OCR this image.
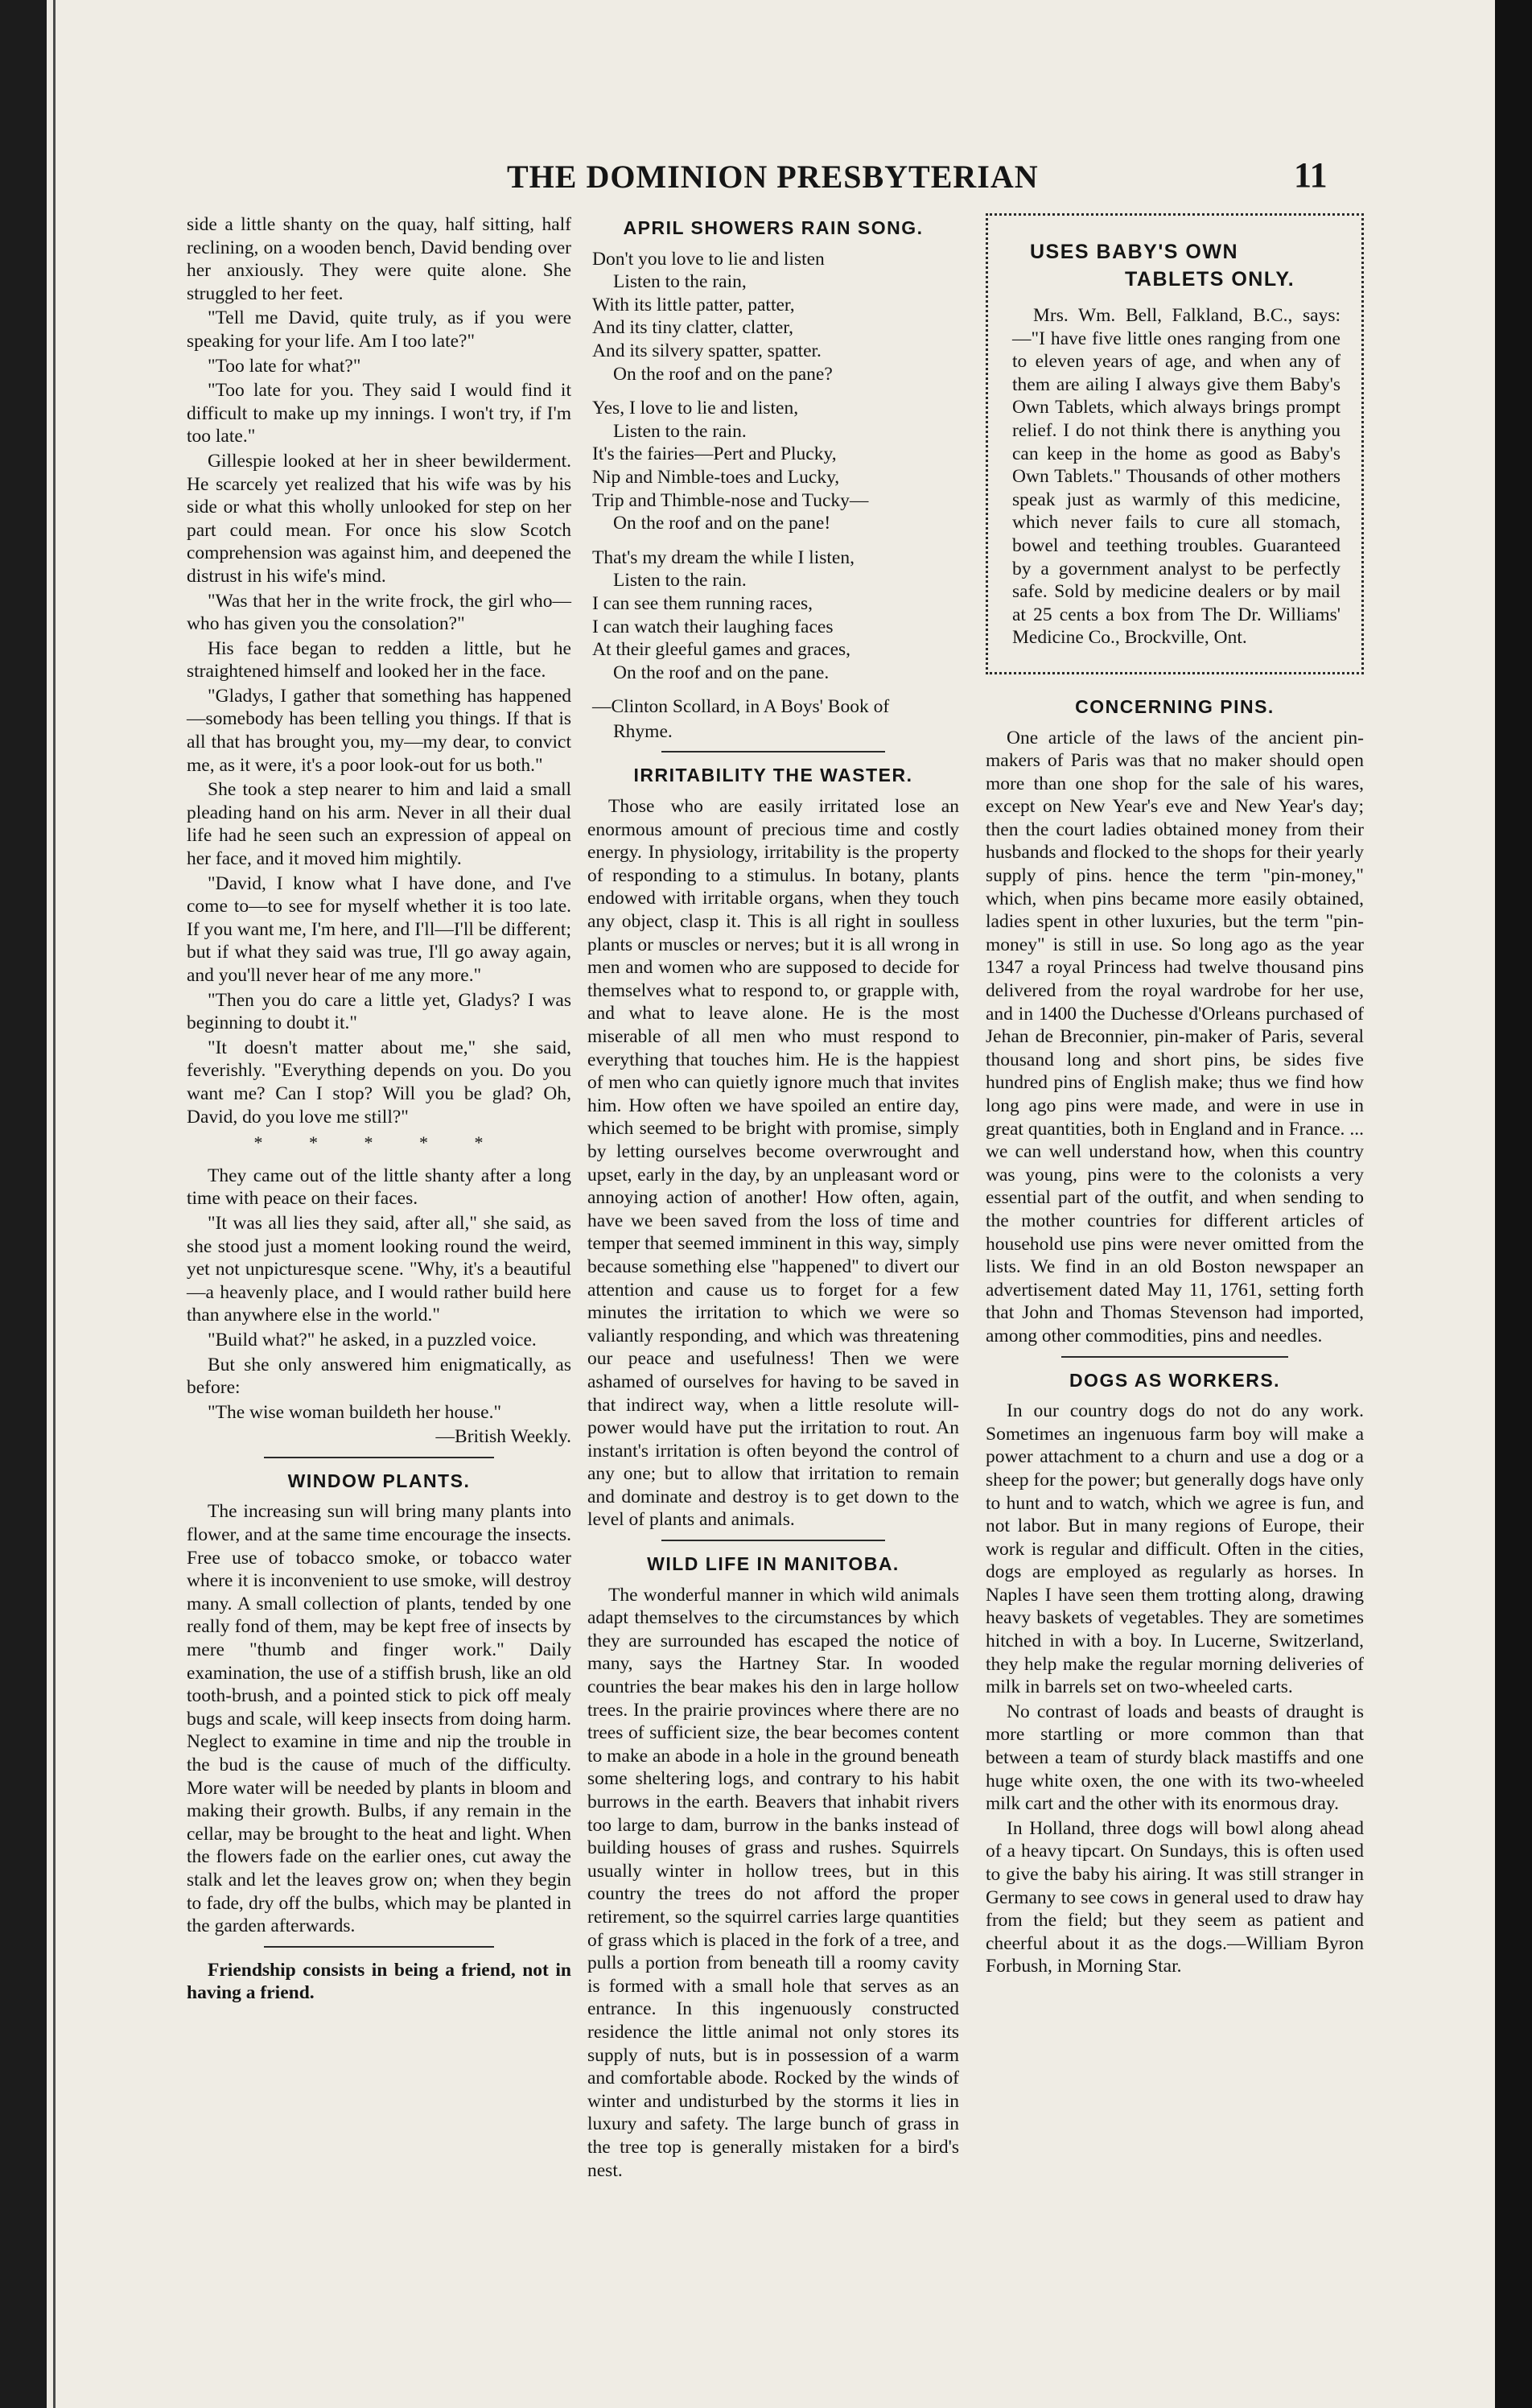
THE DOMINION PRESBYTERIAN	11

side a little shanty on the quay, half sitting, half reclining, on a wooden bench, David bending over her anxiously. They were quite alone. She struggled to her feet.

"Tell me David, quite truly, as if you were speaking for your life. Am I too late?"

"Too late for what?"

"Too late for you. They said I would find it difficult to make up my innings. I won't try, if I'm too late."

Gillespie looked at her in sheer bewilderment. He scarcely yet realized that his wife was by his side or what this wholly unlooked for step on her part could mean. For once his slow Scotch comprehension was against him, and deepened the distrust in his wife's mind.

"Was that her in the write frock, the girl who—who has given you the consolation?"

His face began to redden a little, but he straightened himself and looked her in the face.

"Gladys, I gather that something has happened—somebody has been telling you things. If that is all that has brought you, my—my dear, to convict me, as it were, it's a poor look-out for us both."

She took a step nearer to him and laid a small pleading hand on his arm. Never in all their dual life had he seen such an expression of appeal on her face, and it moved him mightily.

"David, I know what I have done, and I've come to—to see for myself whether it is too late. If you want me, I'm here, and I'll—I'll be different; but if what they said was true, I'll go away again, and you'll never hear of me any more."

"Then you do care a little yet, Gladys? I was beginning to doubt it."

"It doesn't matter about me," she said, feverishly. "Everything depends on you. Do you want me? Can I stop? Will you be glad? Oh, David, do you love me still?"

* * * * *

They came out of the little shanty after a long time with peace on their faces.

"It was all lies they said, after all," she said, as she stood just a moment looking round the weird, yet not unpicturesque scene. "Why, it's a beautiful—a heavenly place, and I would rather build here than anywhere else in the world."

"Build what?" he asked, in a puzzled voice.

But she only answered him enigmatically, as before:

"The wise woman buildeth her house."

—British Weekly.

WINDOW PLANTS.

The increasing sun will bring many plants into flower, and at the same time encourage the insects. Free use of tobacco smoke, or tobacco water where it is inconvenient to use smoke, will destroy many. A small collection of plants, tended by one really fond of them, may be kept free of insects by mere "thumb and finger work." Daily examination, the use of a stiffish brush, like an old tooth-brush, and a pointed stick to pick off mealy bugs and scale, will keep insects from doing harm. Neglect to examine in time and nip the trouble in the bud is the cause of much of the difficulty. More water will be needed by plants in bloom and making their growth. Bulbs, if any remain in the cellar, may be brought to the heat and light. When the flowers fade on the earlier ones, cut away the stalk and let the leaves grow on; when they begin to fade, dry off the bulbs, which may be planted in the garden afterwards.

Friendship consists in being a friend, not in having a friend.

APRIL SHOWERS RAIN SONG.
Don't you love to lie and listen
Listen to the rain,
With its little patter, patter,
And its tiny clatter, clatter,
And its silvery spatter, spatter.
On the roof and on the pane?
Yes, I love to lie and listen,
Listen to the rain.
It's the fairies—Pert and Plucky,
Nip and Nimble-toes and Lucky,
Trip and Thimble-nose and Tucky—
On the roof and on the pane!
That's my dream the while I listen,
Listen to the rain.
I can see them running races,
I can watch their laughing faces
At their gleeful games and graces,
On the roof and on the pane.

—Clinton Scollard, in A Boys' Book of

Rhyme.

IRRITABILITY THE WASTER.

Those who are easily irritated lose an enormous amount of precious time and costly energy. In physiology, irritability is the property of responding to a stimulus. In botany, plants endowed with irritable organs, when they touch any object, clasp it. This is all right in soulless plants or muscles or nerves; but it is all wrong in men and women who are supposed to decide for themselves what to respond to, or grapple with, and what to leave alone. He is the most miserable of all men who must respond to everything that touches him. He is the happiest of men who can quietly ignore much that invites him. How often we have spoiled an entire day, which seemed to be bright with promise, simply by letting ourselves become overwrought and upset, early in the day, by an unpleasant word or annoying action of another! How often, again, have we been saved from the loss of time and temper that seemed imminent in this way, simply because something else "happened" to divert our attention and cause us to forget for a few minutes the irritation to which we were so valiantly responding, and which was threatening our peace and usefulness! Then we were ashamed of ourselves for having to be saved in that indirect way, when a little resolute will-power would have put the irritation to rout. An instant's irritation is often beyond the control of any one; but to allow that irritation to remain and dominate and destroy is to get down to the level of plants and animals.

WILD LIFE IN MANITOBA.

The wonderful manner in which wild animals adapt themselves to the circumstances by which they are surrounded has escaped the notice of many, says the Hartney Star. In wooded countries the bear makes his den in large hollow trees. In the prairie provinces where there are no trees of sufficient size, the bear becomes content to make an abode in a hole in the ground beneath some sheltering logs, and contrary to his habit burrows in the earth. Beavers that inhabit rivers too large to dam, burrow in the banks instead of building houses of grass and rushes. Squirrels usually winter in hollow trees, but in this country the trees do not afford the proper retirement, so the squirrel carries large quantities of grass which is placed in the fork of a tree, and pulls a portion from beneath till a roomy cavity is formed with a small hole that serves as an entrance. In this ingenuously constructed residence the little animal not only stores its supply of nuts, but is in possession of a warm and comfortable abode. Rocked by the winds of winter and undisturbed by the storms it lies in luxury and safety. The large bunch of grass in the tree top is generally mistaken for a bird's nest.

USES BABY'S OWN
TABLETS ONLY.

Mrs. Wm. Bell, Falkland, B.C., says:—"I have five little ones ranging from one to eleven years of age, and when any of them are ailing I always give them Baby's Own Tablets, which always brings prompt relief. I do not think there is anything you can keep in the home as good as Baby's Own Tablets." Thousands of other mothers speak just as warmly of this medicine, which never fails to cure all stomach, bowel and teething troubles. Guaranteed by a government analyst to be perfectly safe. Sold by medicine dealers or by mail at 25 cents a box from The Dr. Williams' Medicine Co., Brockville, Ont.

CONCERNING PINS.

One article of the laws of the ancient pin-makers of Paris was that no maker should open more than one shop for the sale of his wares, except on New Year's eve and New Year's day; then the court ladies obtained money from their husbands and flocked to the shops for their yearly supply of pins. hence the term "pin-money," which, when pins became more easily obtained, ladies spent in other luxuries, but the term "pin-money" is still in use. So long ago as the year 1347 a royal Princess had twelve thousand pins delivered from the royal wardrobe for her use, and in 1400 the Duchesse d'Orleans purchased of Jehan de Breconnier, pin-maker of Paris, several thousand long and short pins, be sides five hundred pins of English make; thus we find how long ago pins were made, and were in use in great quantities, both in England and in France. ... we can well understand how, when this country was young, pins were to the colonists a very essential part of the outfit, and when sending to the mother countries for different articles of household use pins were never omitted from the lists. We find in an old Boston newspaper an advertisement dated May 11, 1761, setting forth that John and Thomas Stevenson had imported, among other commodities, pins and needles.

DOGS AS WORKERS.

In our country dogs do not do any work. Sometimes an ingenuous farm boy will make a power attachment to a churn and use a dog or a sheep for the power; but generally dogs have only to hunt and to watch, which we agree is fun, and not labor. But in many regions of Europe, their work is regular and difficult. Often in the cities, dogs are employed as regularly as horses. In Naples I have seen them trotting along, drawing heavy baskets of vegetables. They are sometimes hitched in with a boy. In Lucerne, Switzerland, they help make the regular morning deliveries of milk in barrels set on two-wheeled carts.

No contrast of loads and beasts of draught is more startling or more common than that between a team of sturdy black mastiffs and one huge white oxen, the one with its two-wheeled milk cart and the other with its enormous dray.

In Holland, three dogs will bowl along ahead of a heavy tipcart. On Sundays, this is often used to give the baby his airing. It was still stranger in Germany to see cows in general used to draw hay from the field; but they seem as patient and cheerful about it as the dogs.—William Byron Forbush, in Morning Star.
